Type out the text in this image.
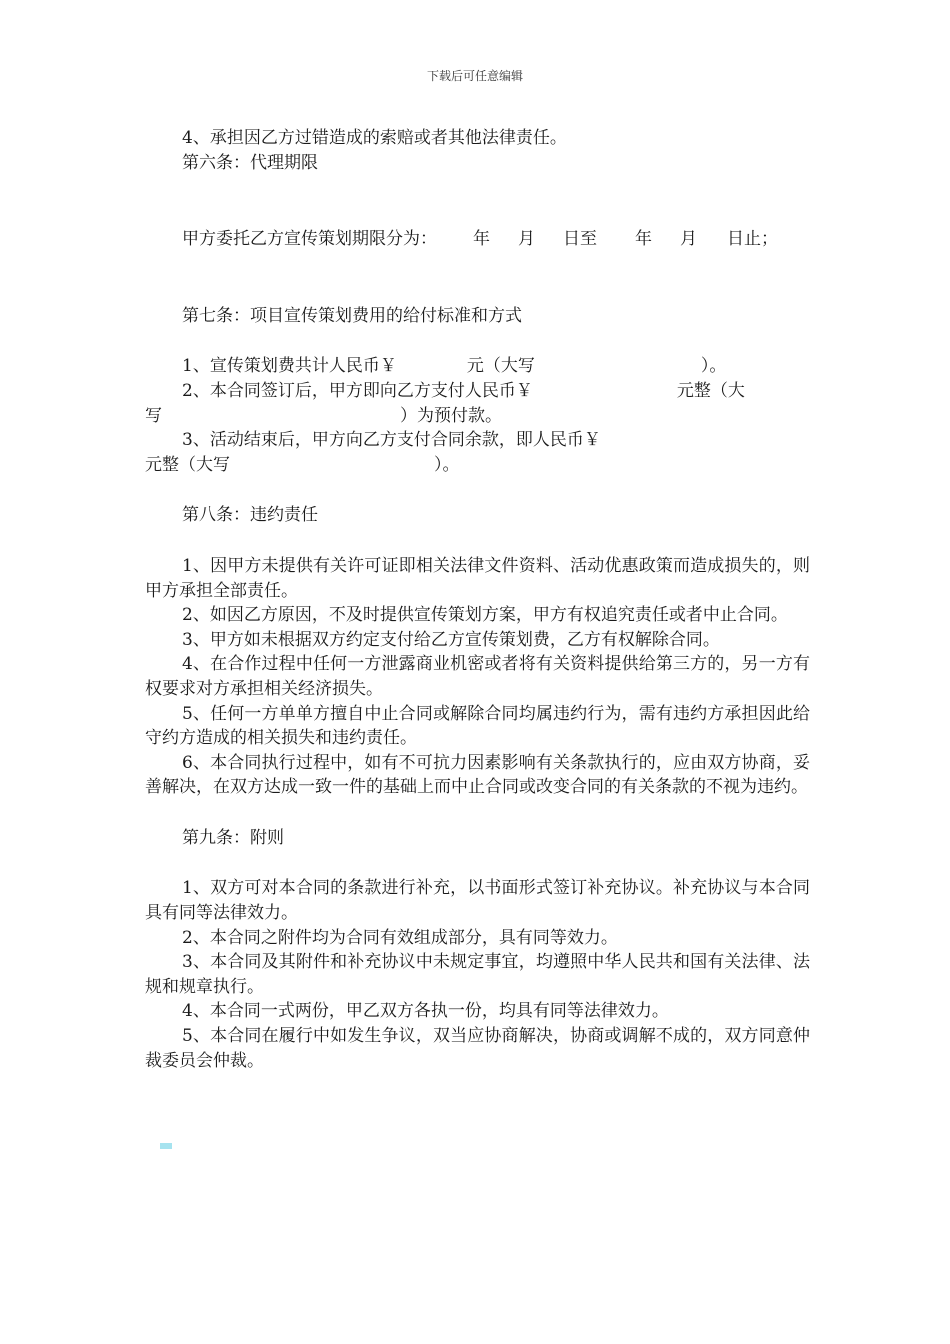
下载后可任意编辑

4、承担因乙方过错造成的索赔或者其他法律责任。

第六条：代理期限

甲方委托乙方宣传策划期限分为： 年 月 日至 年 月 日止；

第七条：项目宣传策划费用的给付标准和方式

1、宣传策划费共计人民币￥	元（大写	）。
2、本合同签订后，甲方即向乙方支付人民币￥	元整（大
写	）为预付款。
3、活动结束后，甲方向乙方支付合同余款，即人民币￥
元整（大写	）。

第八条：违约责任

1、因甲方未提供有关许可证即相关法律文件资料、活动优惠政策而造成损失的，则甲方承担全部责任。

2、如因乙方原因，不及时提供宣传策划方案，甲方有权追究责任或者中止合同。

3、甲方如未根据双方约定支付给乙方宣传策划费，乙方有权解除合同。

4、在合作过程中任何一方泄露商业机密或者将有关资料提供给第三方的，另一方有权要求对方承担相关经济损失。

5、任何一方单单方擅自中止合同或解除合同均属违约行为，需有违约方承担因此给守约方造成的相关损失和违约责任。

6、本合同执行过程中，如有不可抗力因素影响有关条款执行的，应由双方协商，妥善解决，在双方达成一致一件的基础上而中止合同或改变合同的有关条款的不视为违约。

第九条：附则

1、双方可对本合同的条款进行补充，以书面形式签订补充协议。补充协议与本合同具有同等法律效力。

2、本合同之附件均为合同有效组成部分，具有同等效力。

3、本合同及其附件和补充协议中未规定事宜，均遵照中华人民共和国有关法律、法规和规章执行。

4、本合同一式两份，甲乙双方各执一份，均具有同等法律效力。

5、本合同在履行中如发生争议，双当应协商解决，协商或调解不成的，双方同意仲裁委员会仲裁。
